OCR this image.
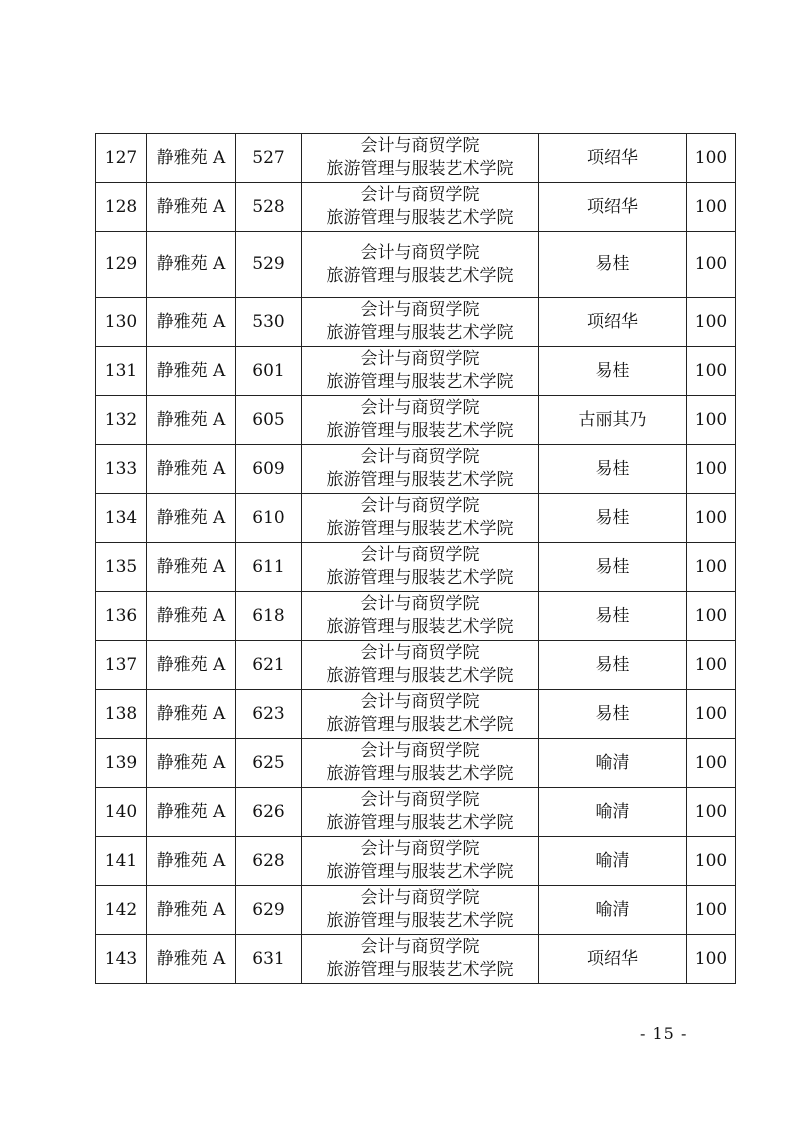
127	静雅苑 A	527	会计与商贸学院
旅游管理与服装艺术学院	项绍华	100
128	静雅苑 A	528	会计与商贸学院
旅游管理与服装艺术学院	项绍华	100
129	静雅苑 A	529	会计与商贸学院
旅游管理与服装艺术学院	易桂	100
130	静雅苑 A	530	会计与商贸学院
旅游管理与服装艺术学院	项绍华	100
131	静雅苑 A	601	会计与商贸学院
旅游管理与服装艺术学院	易桂	100
132	静雅苑 A	605	会计与商贸学院
旅游管理与服装艺术学院	古丽其乃	100
133	静雅苑 A	609	会计与商贸学院
旅游管理与服装艺术学院	易桂	100
134	静雅苑 A	610	会计与商贸学院
旅游管理与服装艺术学院	易桂	100
135	静雅苑 A	611	会计与商贸学院
旅游管理与服装艺术学院	易桂	100
136	静雅苑 A	618	会计与商贸学院
旅游管理与服装艺术学院	易桂	100
137	静雅苑 A	621	会计与商贸学院
旅游管理与服装艺术学院	易桂	100
138	静雅苑 A	623	会计与商贸学院
旅游管理与服装艺术学院	易桂	100
139	静雅苑 A	625	会计与商贸学院
旅游管理与服装艺术学院	喻清	100
140	静雅苑 A	626	会计与商贸学院
旅游管理与服装艺术学院	喻清	100
141	静雅苑 A	628	会计与商贸学院
旅游管理与服装艺术学院	喻清	100
142	静雅苑 A	629	会计与商贸学院
旅游管理与服装艺术学院	喻清	100
143	静雅苑 A	631	会计与商贸学院
旅游管理与服装艺术学院	项绍华	100
- 15 -
